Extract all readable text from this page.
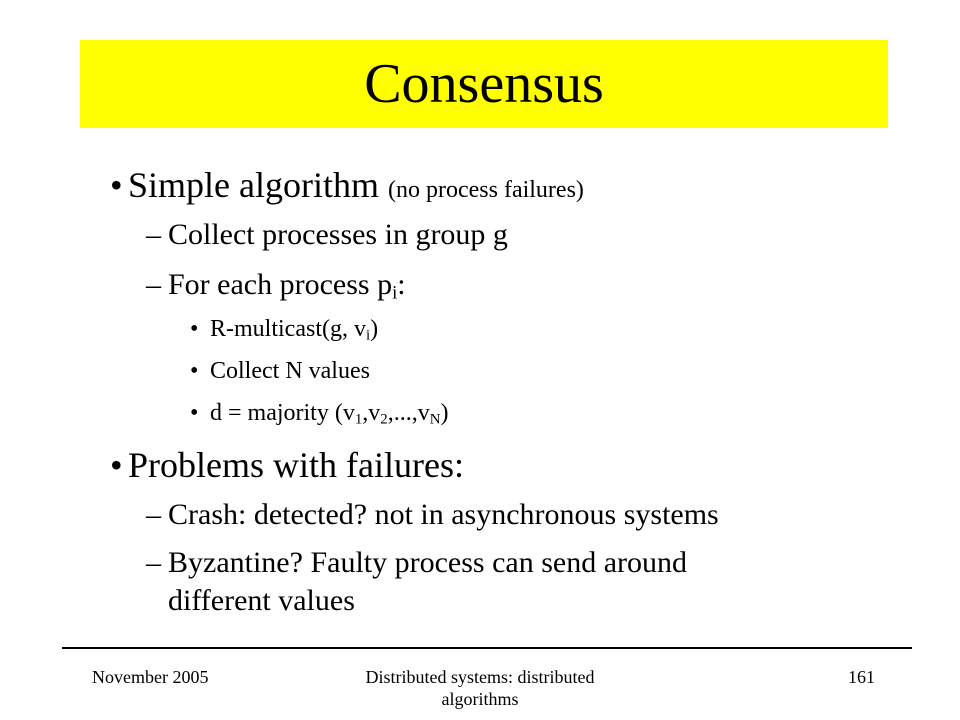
Consensus
• Simple algorithm (no process failures)
– Collect processes in group g
– For each process $p_i$:
• R-multicast(g, $v_i$)
• Collect N values
• d = majority $(v_1,v_2,...,v_N)$
• Problems with failures:
– Crash: detected? not in asynchronous systems
– Byzantine? Faulty process can send around
different values
November 2005	Distributed systems: distributed
algorithms
161
